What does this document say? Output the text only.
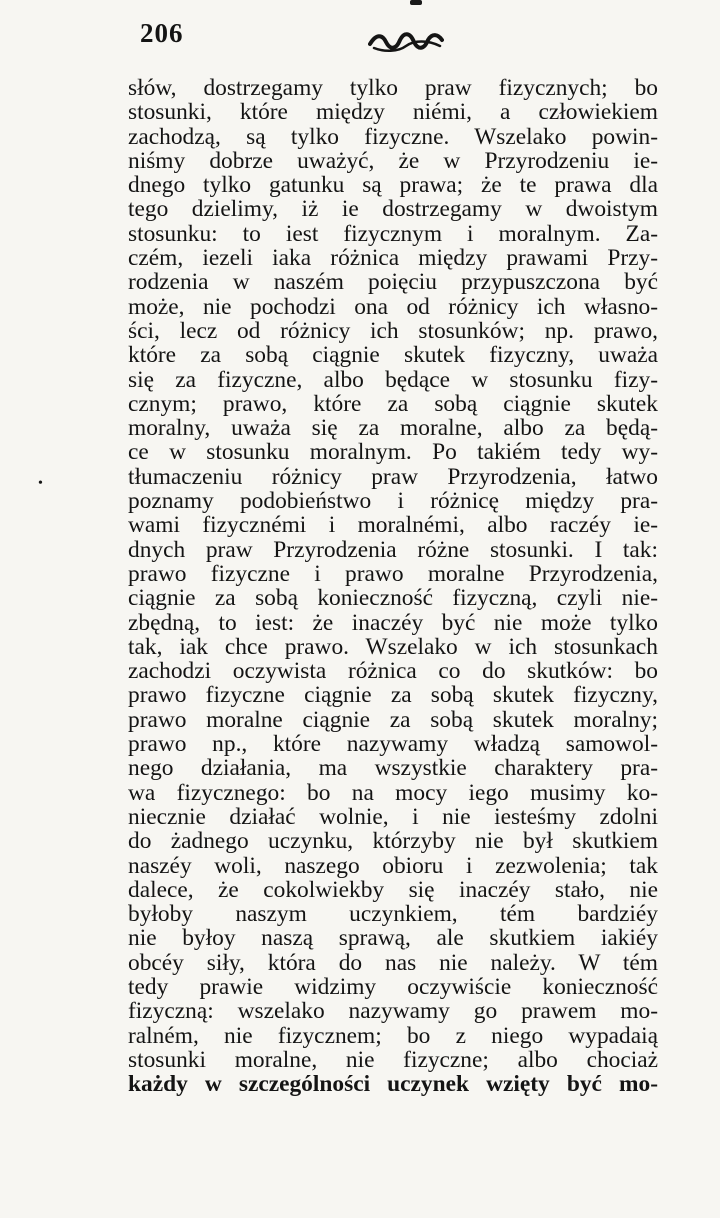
206
•
słów, dostrzegamy tylko praw fizycznych; bo
stosunki, które między niémi, a człowiekiem
zachodzą, są tylko fizyczne. Wszelako powin-
niśmy dobrze uważyć, że w Przyrodzeniu ie-
dnego tylko gatunku są prawa; że te prawa dla
tego dzielimy, iż ie dostrzegamy w dwoistym
stosunku: to iest fizycznym i moralnym. Za-
czém, iezeli iaka różnica między prawami Przy-
rodzenia w naszém poięciu przypuszczona być
może, nie pochodzi ona od różnicy ich własno-
ści, lecz od różnicy ich stosunków; np. prawo,
które za sobą ciągnie skutek fizyczny, uważa
się za fizyczne, albo będące w stosunku fizy-
cznym; prawo, które za sobą ciągnie skutek
moralny, uważa się za moralne, albo za będą-
ce w stosunku moralnym. Po takiém tedy wy-
tłumaczeniu różnicy praw Przyrodzenia, łatwo
poznamy podobieństwo i różnicę między pra-
wami fizycznémi i moralnémi, albo raczéy ie-
dnych praw Przyrodzenia różne stosunki. I tak:
prawo fizyczne i prawo moralne Przyrodzenia,
ciągnie za sobą konieczność fizyczną, czyli nie-
zbędną, to iest: że inaczéy być nie może tylko
tak, iak chce prawo. Wszelako w ich stosunkach
zachodzi oczywista różnica co do skutków: bo
prawo fizyczne ciągnie za sobą skutek fizyczny,
prawo moralne ciągnie za sobą skutek moralny;
prawo np., które nazywamy władzą samowol-
nego działania, ma wszystkie charaktery pra-
wa fizycznego: bo na mocy iego musimy ko-
niecznie działać wolnie, i nie iesteśmy zdolni
do żadnego uczynku, którzyby nie był skutkiem
naszéy woli, naszego obioru i zezwolenia; tak
dalece, że cokolwiekby się inaczéy stało, nie
byłoby naszym uczynkiem, tém bardziéy
nie byłoy naszą sprawą, ale skutkiem iakiéy
obcéy siły, która do nas nie należy. W tém
tedy prawie widzimy oczywiście konieczność
fizyczną: wszelako nazywamy go prawem mo-
ralném, nie fizycznem; bo z niego wypadaią
stosunki moralne, nie fizyczne; albo chociaż
każdy w szczególności uczynek wzięty być mo-
